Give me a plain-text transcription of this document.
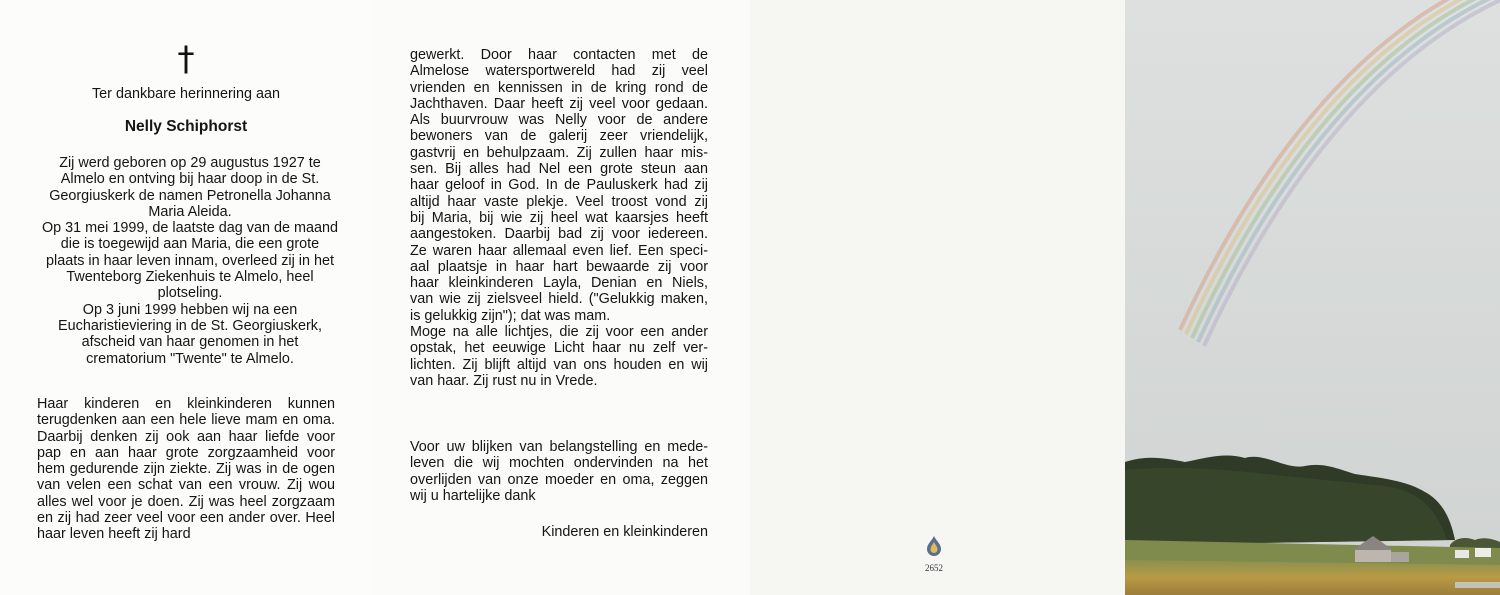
†
Ter dankbare herinnering aan
Nelly Schiphorst

Zij werd geboren op 29 augustus 1927 te Almelo en ontving bij haar doop in de St. Georgiuskerk de namen Petronella Johanna Maria Aleida.

Op 31 mei 1999, de laatste dag van de maand die is toegewijd aan Maria, die een grote plaats in haar leven innam, overleed zij in het Twenteborg Ziekenhuis te Almelo, heel plotseling.

Op 3 juni 1999 hebben wij na een Eucharistieviering in de St. Georgiuskerk, afscheid van haar genomen in het crematorium "Twente" te Almelo.

Haar kinderen en kleinkinderen kunnen terugdenken aan een hele lieve mam en oma. Daarbij denken zij ook aan haar liefde voor pap en aan haar grote zorgzaamheid voor hem gedurende zijn ziekte. Zij was in de ogen van velen een schat van een vrouw. Zij wou alles wel voor je doen. Zij was heel zorgzaam en zij had zeer veel voor een ander over. Heel haar leven heeft zij hard
gewerkt. Door haar contacten met de
Almelose watersportwereld had zij veel
vrienden en kennissen in de kring rond de
Jachthaven. Daar heeft zij veel voor gedaan.
Als buurvrouw was Nelly voor de andere
bewoners van de galerij zeer vriendelijk,
gastvrij en behulpzaam. Zij zullen haar mis-
sen. Bij alles had Nel een grote steun aan
haar geloof in God. In de Pauluskerk had zij
altijd haar vaste plekje. Veel troost vond zij
bij Maria, bij wie zij heel wat kaarsjes heeft
aangestoken. Daarbij bad zij voor iedereen.
Ze waren haar allemaal even lief. Een speci-
aal plaatsje in haar hart bewaarde zij voor
haar kleinkinderen Layla, Denian en Niels,
van wie zij zielsveel hield. ("Gelukkig maken,
is gelukkig zijn"); dat was mam.
Moge na alle lichtjes, die zij voor een ander
opstak, het eeuwige Licht haar nu zelf ver-
lichten. Zij blijft altijd van ons houden en wij
van haar. Zij rust nu in Vrede.
Voor uw blijken van belangstelling en mede-
leven die wij mochten ondervinden na het
overlijden van onze moeder en oma, zeggen
wij u hartelijke dank
Kinderen en kleinkinderen
2652
